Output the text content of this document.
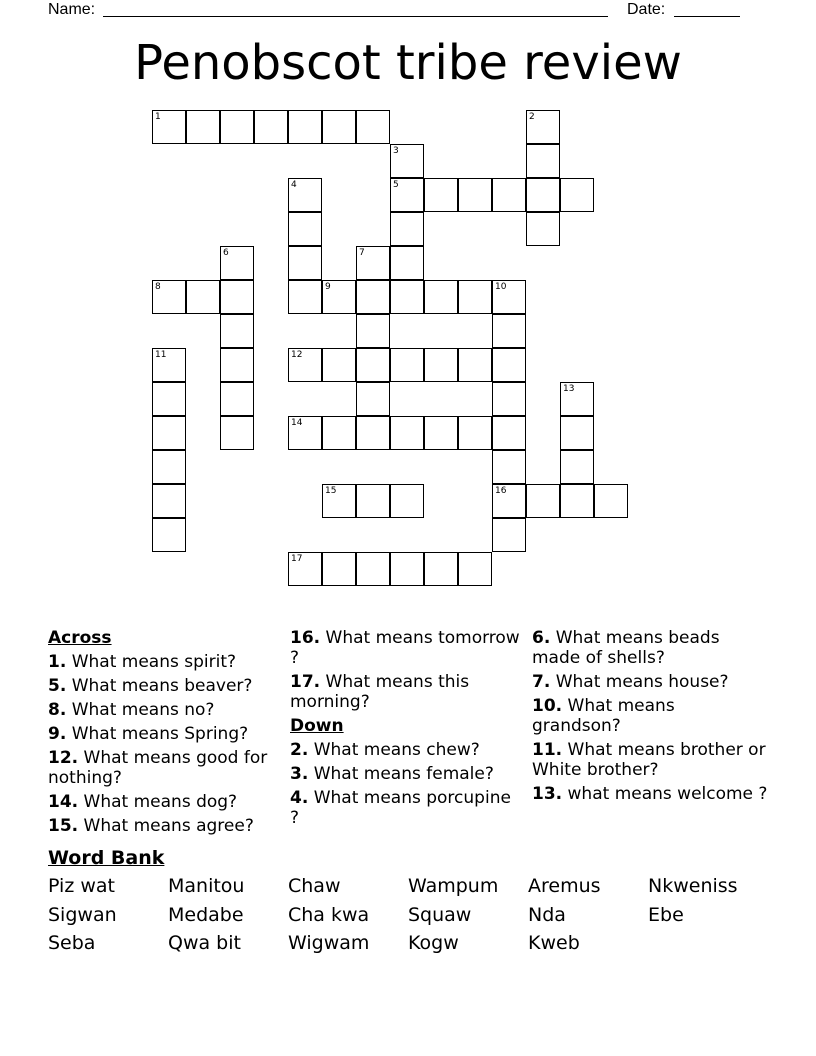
Name:	Date:
Penobscot tribe review
1	2
3
5
4
6	7
8	9	10
16
11	12
13
14
15
17
Across
1. What means spirit?
5. What means beaver?
8. What means no?
9. What means Spring?
12. What means good for nothing?
14. What means dog?
15. What means agree?
16. What means tomorrow ?
17. What means this morning?
Down
2. What means chew?
3. What means female?
4. What means porcupine ?
6. What means beads made of shells?
7. What means house?
10. What means grandson?
11. What means brother or White brother?
13. what means welcome ?
Word Bank
Piz wat	Manitou	Chaw	Wampum	Aremus	Nkweniss
Sigwan	Medabe	Cha kwa	Squaw	Nda	Ebe
Seba	Qwa bit	Wigwam	Kogw	Kweb
